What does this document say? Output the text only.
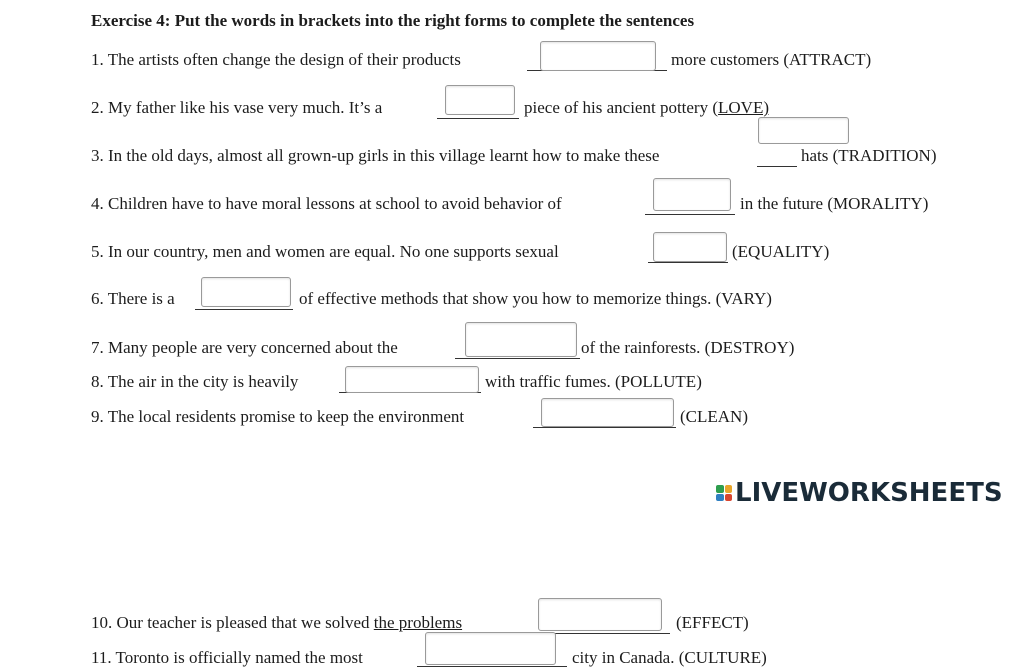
Exercise 4: Put the words in brackets into the right forms to complete the sentences
1. The artists often change the design of their products	more customers (ATTRACT)
2. My father like his vase very much. It’s a	piece of his ancient pottery (LOVE)
3. In the old days, almost all grown-up girls in this village learnt how to make these	hats (TRADITION)
4. Children have to have moral lessons at school to avoid behavior of	in the future (MORALITY)
5. In our country, men and women are equal. No one supports sexual	(EQUALITY)
6. There is a	of effective methods that show you how to memorize things. (VARY)
7. Many people are very concerned about the	of the rainforests. (DESTROY)
8. The air in the city is heavily	with traffic fumes. (POLLUTE)
9. The local residents promise to keep the environment	(CLEAN)
LIVEWORKSHEETS
10. Our teacher is pleased that we solved the problems	(EFFECT)
11. Toronto is officially named the most	city in Canada. (CULTURE)
